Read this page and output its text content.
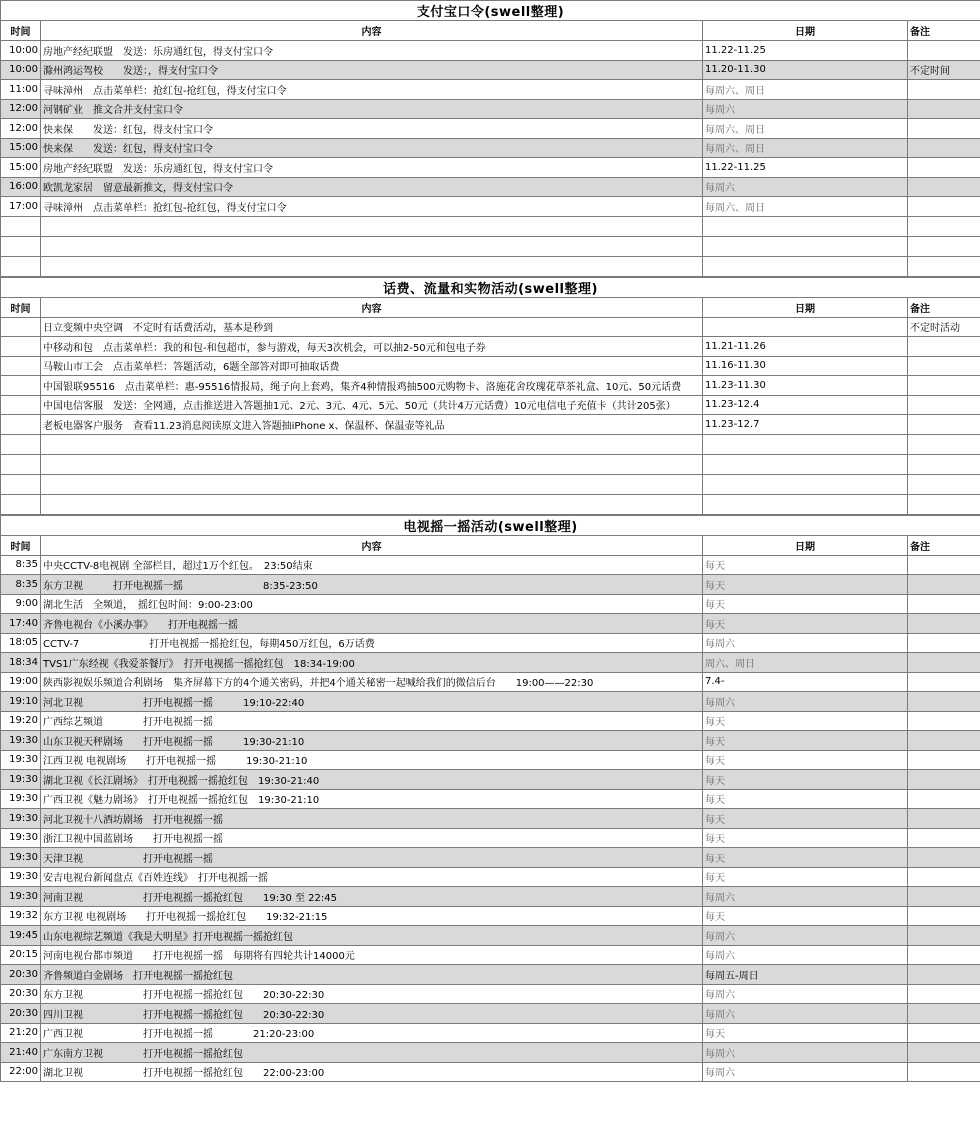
支付宝口令(swell整理)			
时间	内容	日期	备注
10:00	房地产经纪联盟　发送：乐房通红包，得支付宝口令	11.22-11.25	
10:00	滁州鸿运驾校　　发送：，得支付宝口令	11.20-11.30	不定时间
11:00	寻味漳州　点击菜单栏：抢红包-抢红包，得支付宝口令	每周六、周日	
12:00	河钢矿业　推文合并支付宝口令	每周六	
12:00	快来保　　发送：红包，得支付宝口令	每周六、周日	
15:00	快来保　　发送：红包，得支付宝口令	每周六、周日	
15:00	房地产经纪联盟　发送：乐房通红包，得支付宝口令	11.22-11.25	
16:00	欧凯龙家居　留意最新推文，得支付宝口令	每周六	
17:00	寻味漳州　点击菜单栏：抢红包-抢红包，得支付宝口令	每周六、周日	

话费、流量和实物活动(swell整理)			
时间	内容	日期	备注
	日立变频中央空调　不定时有话费活动，基本是秒到		不定时活动
	中移动和包　点击菜单栏：我的和包-和包超市，参与游戏，每天3次机会，可以抽2-50元和包电子券	11.21-11.26	
	马鞍山市工会　点击菜单栏：答题活动，6题全部答对即可抽取话费	11.16-11.30	
	中国银联95516　点击菜单栏：惠-95516情报局，绳子向上套鸡，集齐4种情报鸡抽500元购物卡、洛施花舍玫瑰花草茶礼盒、10元、50元话费	11.23-11.30	
	中国电信客服　发送：全网通，点击推送进入答题抽1元、2元、3元、4元、5元、50元（共计4万元话费）10元电信电子充值卡（共计205张）	11.23-12.4	
	老板电器客户服务　查看11.23消息阅读原文进入答题抽iPhone x、保温杯、保温壶等礼品	11.23-12.7	

电视摇一摇活动(swell整理)			
时间	内容	日期	备注
8:35	中央CCTV-8电视剧 全部栏目，超过1万个红包。　23:50结束	每天	
8:35	东方卫视　　　打开电视摇一摇　　　　　　　　8:35-23:50	每天	
9:00	湖北生活　全频道，　摇红包时间：9:00-23:00	每天	
17:40	齐鲁电视台《小溪办事》　　打开电视摇一摇	每天	
18:05	CCTV-7　　　　　　　打开电视摇一摇抢红包，每期450万红包，6万话费	每周六	
18:34	TVS1广东经视《我爱茶餐厅》　打开电视摇一摇抢红包　18:34-19:00	周六、周日	
19:00	陕西影视娱乐频道合利剧场　集齐屏幕下方的4个通关密码，并把4个通关秘密一起喊给我们的微信后台　　19:00——22:30	7.4-	
19:10	河北卫视　　　　　　打开电视摇一摇　　　19:10-22:40	每周六	
19:20	广西综艺频道　　　　打开电视摇一摇	每天	
19:30	山东卫视天秤剧场　　打开电视摇一摇　　　19:30-21:10	每天	
19:30	江西卫视 电视剧场　　打开电视摇一摇　　　19:30-21:10	每天	
19:30	湖北卫视《长江剧场》　打开电视摇一摇抢红包　19:30-21:40	每天	
19:30	广西卫视《魅力剧场》　打开电视摇一摇抢红包　19:30-21:10	每天	
19:30	河北卫视十八酒坊剧场　打开电视摇一摇	每天	
19:30	浙江卫视中国蓝剧场　　打开电视摇一摇	每天	
19:30	天津卫视　　　　　　打开电视摇一摇	每天	
19:30	安吉电视台新闻盘点《百姓连线》　打开电视摇一摇	每天	
19:30	河南卫视　　　　　　打开电视摇一摇抢红包　　19:30 至 22:45	每周六	
19:32	东方卫视 电视剧场　　打开电视摇一摇抢红包　　19:32-21:15	每天	
19:45	山东电视综艺频道《我是大明星》打开电视摇一摇抢红包	每周六	
20:15	河南电视台都市频道　　打开电视摇一摇　每期将有四轮共计14000元	每周六	
20:30	齐鲁频道白金剧场　打开电视摇一摇抢红包	每周五-周日	
20:30	东方卫视　　　　　　打开电视摇一摇抢红包　　20:30-22:30	每周六	
20:30	四川卫视　　　　　　打开电视摇一摇抢红包　　20:30-22:30	每周六	
21:20	广西卫视　　　　　　打开电视摇一摇　　　　21:20-23:00	每天	
21:40	广东南方卫视　　　　打开电视摇一摇抢红包	每周六	
22:00	湖北卫视　　　　　　打开电视摇一摇抢红包　　22:00-23:00	每周六	
